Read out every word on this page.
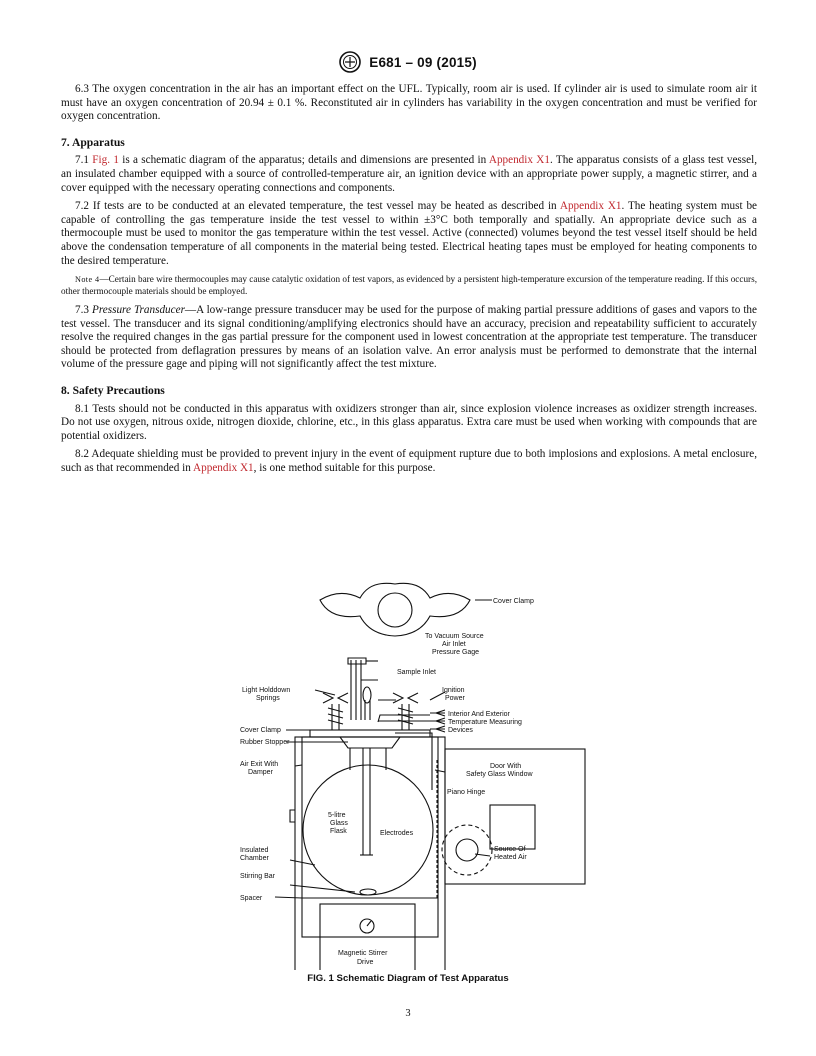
E681 – 09 (2015)

6.3 The oxygen concentration in the air has an important effect on the UFL. Typically, room air is used. If cylinder air is used to simulate room air it must have an oxygen concentration of 20.94 ± 0.1 %. Reconstituted air in cylinders has variability in the oxygen concentration and must be verified for oxygen concentration.

7. Apparatus

7.1 Fig. 1 is a schematic diagram of the apparatus; details and dimensions are presented in Appendix X1. The apparatus consists of a glass test vessel, an insulated chamber equipped with a source of controlled-temperature air, an ignition device with an appropriate power supply, a magnetic stirrer, and a cover equipped with the necessary operating connections and components.

7.2 If tests are to be conducted at an elevated temperature, the test vessel may be heated as described in Appendix X1. The heating system must be capable of controlling the gas temperature inside the test vessel to within ±3°C both temporally and spatially. An appropriate device such as a thermocouple must be used to monitor the gas temperature within the test vessel. Active (connected) volumes beyond the test vessel itself should be held above the condensation temperature of all components in the material being tested. Electrical heating tapes must be employed for heating components to the desired temperature.

Note 4—Certain bare wire thermocouples may cause catalytic oxidation of test vapors, as evidenced by a persistent high-temperature excursion of the temperature reading. If this occurs, other thermocouple materials should be employed.

7.3 Pressure Transducer—A low-range pressure transducer may be used for the purpose of making partial pressure additions of gases and vapors to the test vessel. The transducer and its signal conditioning/amplifying electronics should have an accuracy, precision and repeatability sufficient to accurately resolve the required changes in the gas partial pressure for the component used in lowest concentration at the appropriate test temperature. The transducer should be protected from deflagration pressures by means of an isolation valve. An error analysis must be performed to demonstrate that the internal volume of the pressure gage and piping will not significantly affect the test mixture.

8. Safety Precautions

8.1 Tests should not be conducted in this apparatus with oxidizers stronger than air, since explosion violence increases as oxidizer strength increases. Do not use oxygen, nitrous oxide, nitrogen dioxide, chlorine, etc., in this glass apparatus. Extra care must be used when working with compounds that are potential oxidizers.

8.2 Adequate shielding must be provided to prevent injury in the event of equipment rupture due to both implosions and explosions. A metal enclosure, such as that recommended in Appendix X1, is one method suitable for this purpose.

Cover Clamp
To Vacuum Source
Air Inlet
Pressure Gage
Sample Inlet
Ignition
Power
Light Holddown
Springs
Interior And Exterior
Temperature Measuring
Devices
Cover Clamp
Rubber Stopper
Air Exit With
Damper
Door With
Safety Glass Window
Piano Hinge
5-litre
Glass
Flask	Electrodes
Insulated
Chamber
Stirring Bar
Spacer
Source Of
Heated Air
Magnetic Stirrer
Drive
FIG. 1 Schematic Diagram of Test Apparatus
3
